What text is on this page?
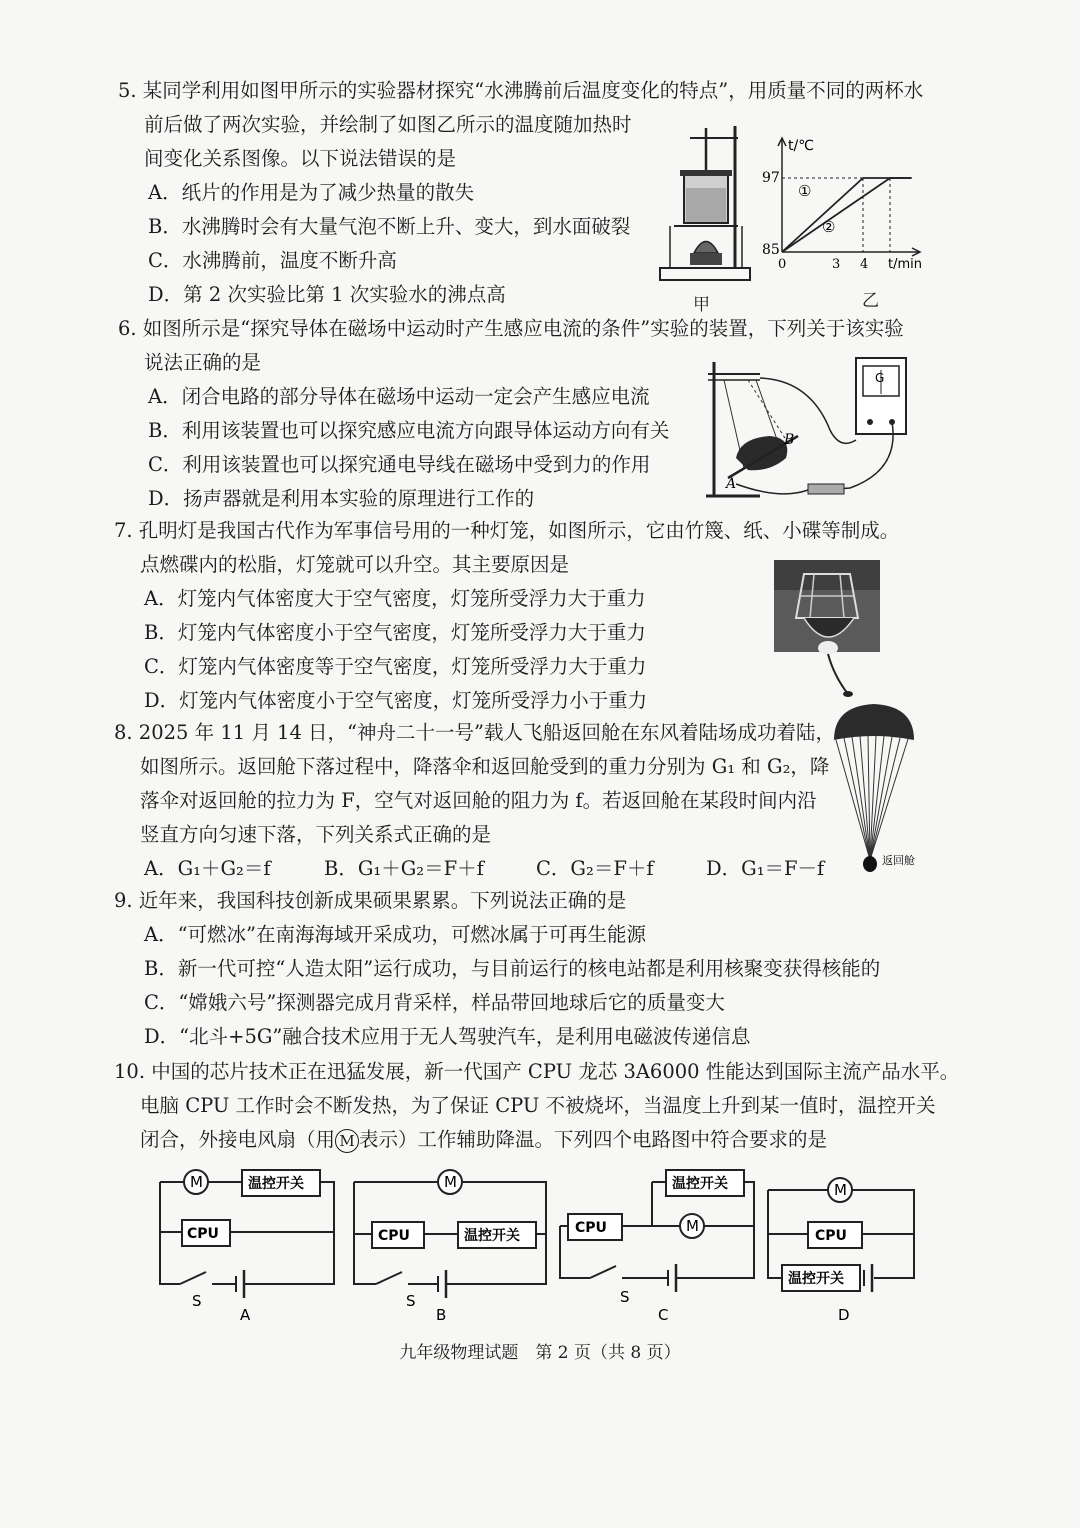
5. 某同学利用如图甲所示的实验器材探究“水沸腾前后温度变化的特点”，用质量不同的两杯水
前后做了两次实验，并绘制了如图乙所示的温度随加热时
间变化关系图像。以下说法错误的是
A．纸片的作用是为了减少热量的散失
B．水沸腾时会有大量气泡不断上升、变大，到水面破裂
C．水沸腾前，温度不断升高
D．第 2 次实验比第 1 次实验水的沸点高	甲
t/℃
t/min
97
85
0	3 4
①
②
乙
6. 如图所示是“探究导体在磁场中运动时产生感应电流的条件”实验的装置，下列关于该实验
说法正确的是
A．闭合电路的部分导体在磁场中运动一定会产生感应电流
B．利用该装置也可以探究感应电流方向跟导体运动方向有关
C．利用该装置也可以探究通电导线在磁场中受到力的作用
D．扬声器就是利用本实验的原理进行工作的
A
B
G
7. 孔明灯是我国古代作为军事信号用的一种灯笼，如图所示，它由竹篾、纸、小碟等制成。
点燃碟内的松脂，灯笼就可以升空。其主要原因是
A．灯笼内气体密度大于空气密度，灯笼所受浮力大于重力
B．灯笼内气体密度小于空气密度，灯笼所受浮力大于重力
C．灯笼内气体密度等于空气密度，灯笼所受浮力大于重力
D．灯笼内气体密度小于空气密度，灯笼所受浮力小于重力
8. 2025 年 11 月 14 日，“神舟二十一号”载人飞船返回舱在东风着陆场成功着陆，
如图所示。返回舱下落过程中，降落伞和返回舱受到的重力分别为 G₁ 和 G₂，降
落伞对返回舱的拉力为 F，空气对返回舱的阻力为 f。若返回舱在某段时间内沿
竖直方向匀速下落，下列关系式正确的是
A．G₁＋G₂＝f	B．G₁＋G₂＝F＋f	C．G₂＝F＋f	D．G₁＝F－f	返回舱
9. 近年来，我国科技创新成果硕果累累。下列说法正确的是
A．“可燃冰”在南海海域开采成功，可燃冰属于可再生能源
B．新一代可控“人造太阳”运行成功，与目前运行的核电站都是利用核聚变获得核能的
C．“嫦娥六号”探测器完成月背采样，样品带回地球后它的质量变大
D．“北斗+5G”融合技术应用于无人驾驶汽车，是利用电磁波传递信息
10. 中国的芯片技术正在迅猛发展，新一代国产 CPU 龙芯 3A6000 性能达到国际主流产品水平。
电脑 CPU 工作时会不断发热，为了保证 CPU 不被烧坏，当温度上升到某一值时，温控开关
闭合，外接电风扇（用 M 表示）工作辅助降温。下列四个电路图中符合要求的是
M	温控开关
CPU
S
A
M
CPU	温控开关
S
B
CPU
温控开关
M
S
C
M
CPU
温控开关
D
九年级物理试题　第 2 页（共 8 页）
